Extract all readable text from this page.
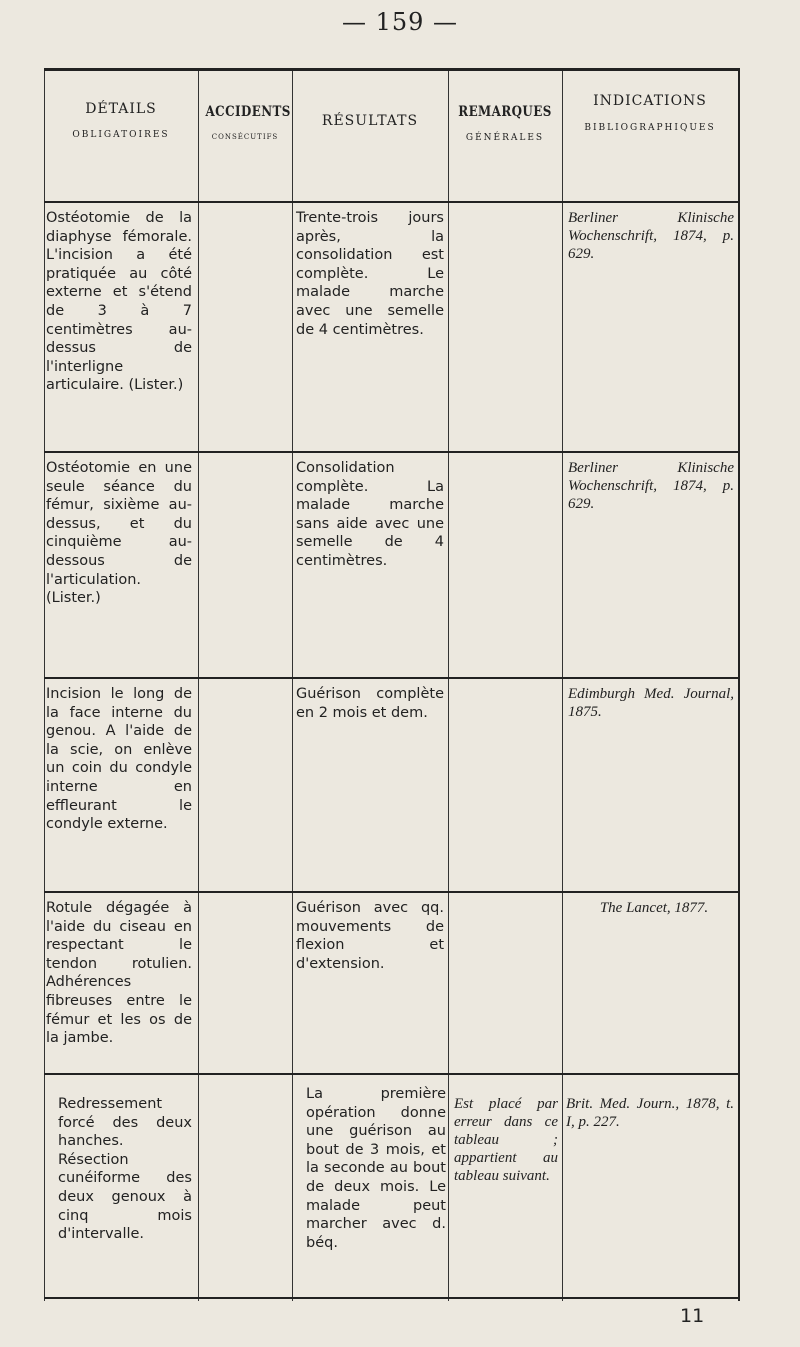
— 159 —
DÉTAILS
OBLIGATOIRES
ACCIDENTS
CONSÉCUTIFS
RÉSULTATS
REMARQUES
GÉNÉRALES
INDICATIONS
BIBLIOGRAPHIQUES
Ostéotomie de la diaphyse fémorale. L'incision a été pratiquée au côté externe et s'étend de 3 à 7 centimètres au-dessus de l'interligne articulaire. (Lister.)
Trente-trois jours après, la consolidation est complète. Le malade marche avec une semelle de 4 centimètres.
Berliner Klinische Wochenschrift, 1874, p. 629.
Ostéotomie en une seule séance du fémur, sixième au-dessus, et du cinquième au-dessous de l'articulation. (Lister.)
Consolidation complète. La malade marche sans aide avec une semelle de 4 centimètres.
Berliner Klinische Wochenschrift, 1874, p. 629.
Incision le long de la face interne du genou. A l'aide de la scie, on enlève un coin du condyle interne en effleurant le condyle externe.
Guérison complète en 2 mois et dem.
Edimburgh Med. Journal, 1875.
Rotule dégagée à l'aide du ciseau en respectant le tendon rotulien. Adhérences fibreuses entre le fémur et les os de la jambe.
Guérison avec qq. mouvements de flexion et d'extension.
The Lancet, 1877.
Redressement forcé des deux hanches. Résection cunéiforme des deux genoux à cinq mois d'intervalle.
La première opération donne une guérison au bout de 3 mois, et la seconde au bout de deux mois. Le malade peut marcher avec d. béq.
Est placé par erreur dans ce tableau ; appartient au tableau suivant.
Brit. Med. Journ., 1878, t. I, p. 227.
11
